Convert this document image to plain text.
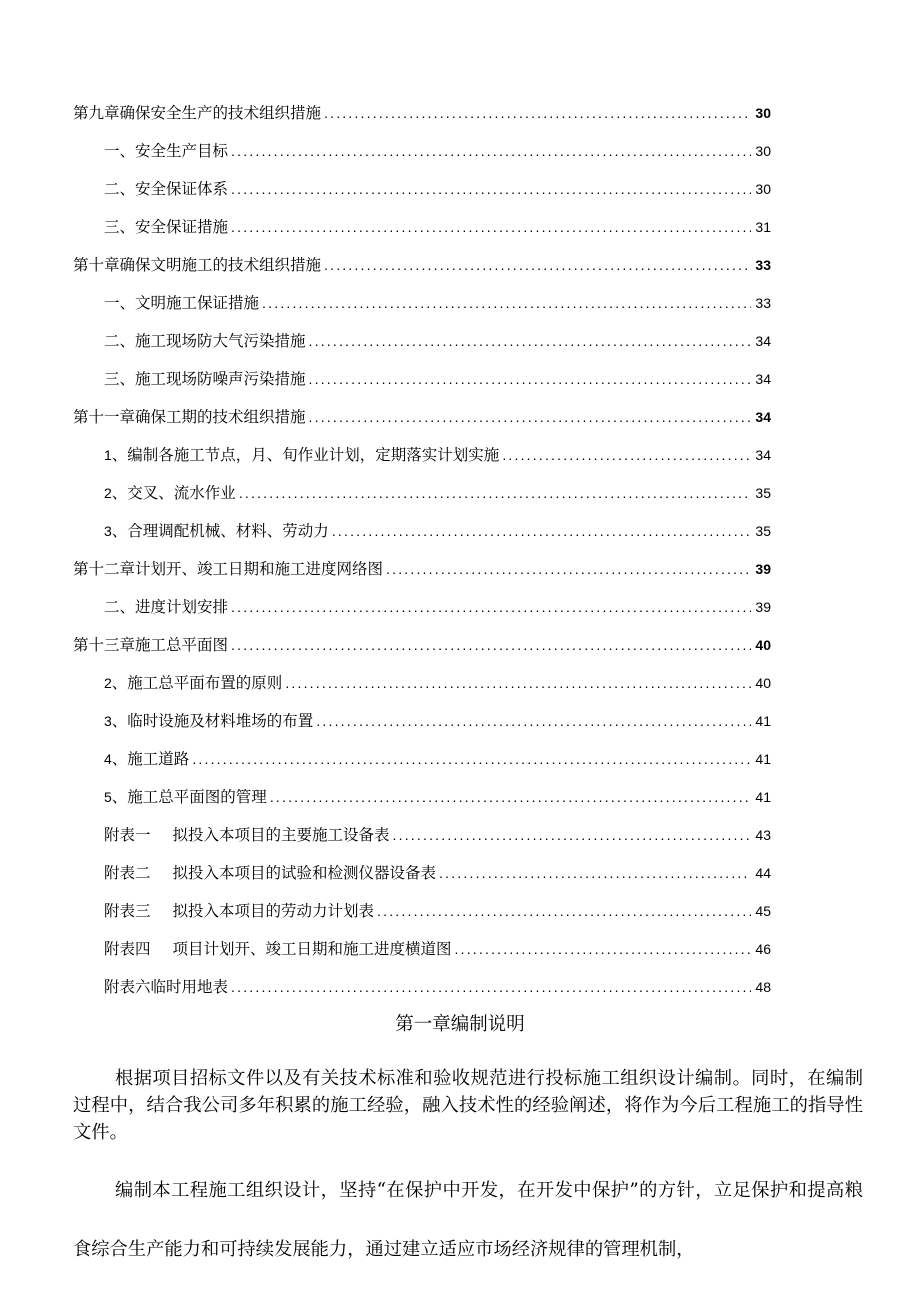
第九章确保安全生产的技术组织措施 .....	30
一、安全生产目标 .....	30
二、安全保证体系 .....	30
三、安全保证措施 .....	31
第十章确保文明施工的技术组织措施 .....	33
一、文明施工保证措施 .....	33
二、施工现场防大气污染措施 .....	34
三、施工现场防噪声污染措施 .....	34
第十一章确保工期的技术组织措施 .....	34
1、编制各施工节点，月、旬作业计划，定期落实计划实施 .....	34
2、交叉、流水作业 .....	35
3、合理调配机械、材料、劳动力 .....	35
第十二章计划开、竣工日期和施工进度网络图 .....	39
二、进度计划安排 .....	39
第十三章施工总平面图 .....	40
2、施工总平面布置的原则 .....	40
3、临时设施及材料堆场的布置 .....	41
4、施工道路 .....	41
5、施工总平面图的管理 .....	41
附表一 拟投入本项目的主要施工设备表 .....	43
附表二 拟投入本项目的试验和检测仪器设备表 .....	44
附表三 拟投入本项目的劳动力计划表 .....	45
附表四 项目计划开、竣工日期和施工进度横道图 .....	46
附表六临时用地表 .....	48
第一章编制说明

根据项目招标文件以及有关技术标准和验收规范进行投标施工组织设计编制。同时，在编制过程中，结合我公司多年积累的施工经验，融入技术性的经验阐述，将作为今后工程施工的指导性文件。

编制本工程施工组织设计，坚持“在保护中开发，在开发中保护”的方针，立足保护和提高粮食综合生产能力和可持续发展能力，通过建立适应市场经济规律的管理机制，
